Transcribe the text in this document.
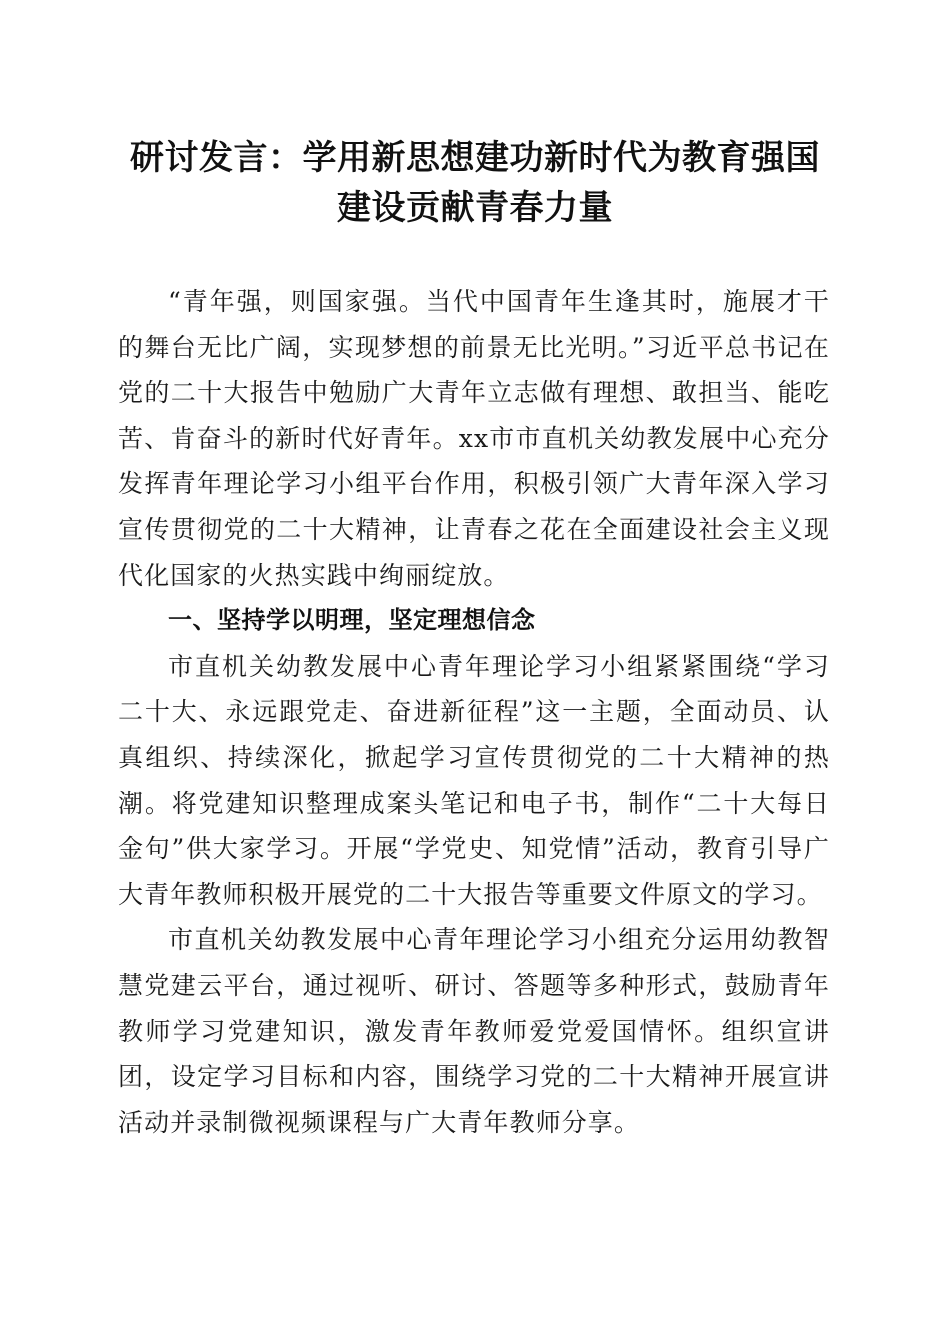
研讨发言：学用新思想建功新时代为教育强国
建设贡献青春力量

“青年强，则国家强。当代中国青年生逢其时，施展才干的舞台无比广阔，实现梦想的前景无比光明。”习近平总书记在党的二十大报告中勉励广大青年立志做有理想、敢担当、能吃苦、肯奋斗的新时代好青年。xx市市直机关幼教发展中心充分发挥青年理论学习小组平台作用，积极引领广大青年深入学习宣传贯彻党的二十大精神，让青春之花在全面建设社会主义现代化国家的火热实践中绚丽绽放。

一、坚持学以明理，坚定理想信念

市直机关幼教发展中心青年理论学习小组紧紧围绕“学习二十大、永远跟党走、奋进新征程”这一主题，全面动员、认真组织、持续深化，掀起学习宣传贯彻党的二十大精神的热潮。将党建知识整理成案头笔记和电子书，制作“二十大每日金句”供大家学习。开展“学党史、知党情”活动，教育引导广大青年教师积极开展党的二十大报告等重要文件原文的学习。

市直机关幼教发展中心青年理论学习小组充分运用幼教智慧党建云平台，通过视听、研讨、答题等多种形式，鼓励青年教师学习党建知识，激发青年教师爱党爱国情怀。组织宣讲团，设定学习目标和内容，围绕学习党的二十大精神开展宣讲活动并录制微视频课程与广大青年教师分享。
